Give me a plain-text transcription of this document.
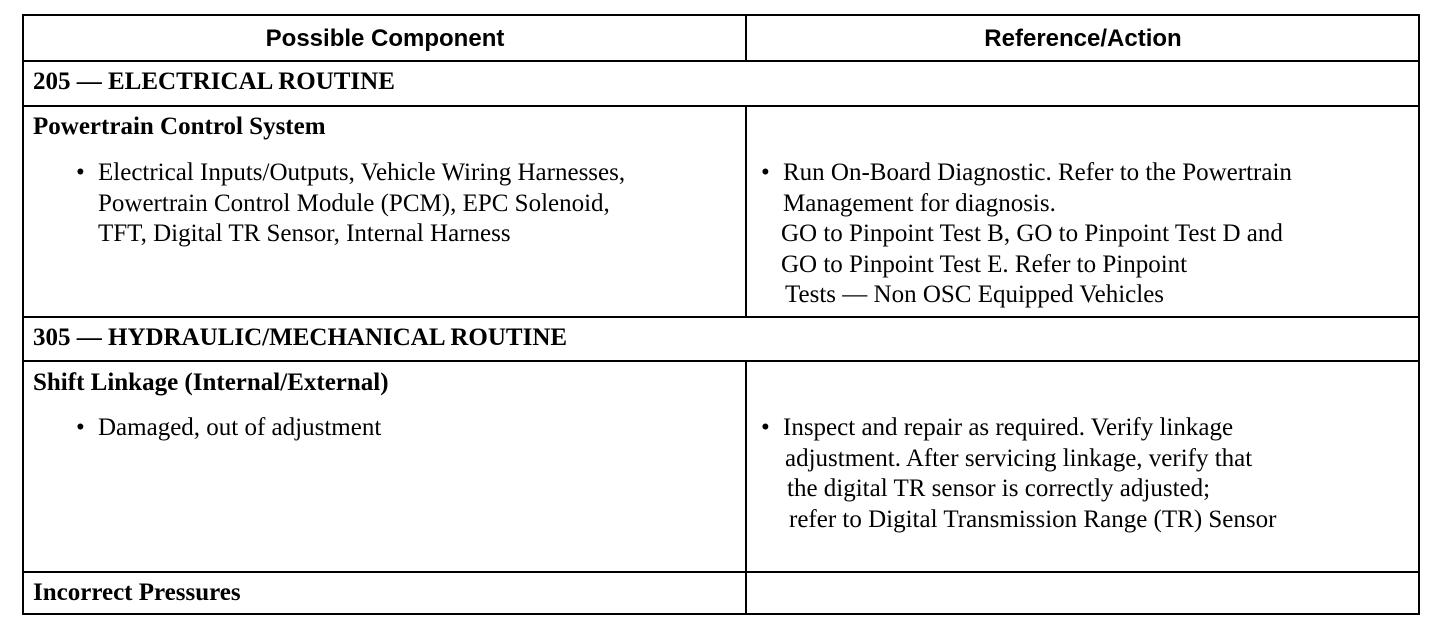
Possible Component	Reference/Action
205 — ELECTRICAL ROUTINE
Powertrain Control System
• Electrical Inputs/Outputs, Vehicle Wiring Harnesses,
Powertrain Control Module (PCM), EPC Solenoid,
TFT, Digital TR Sensor, Internal Harness
• Run On-Board Diagnostic. Refer to the Powertrain
Management for diagnosis.
GO to Pinpoint Test B, GO to Pinpoint Test D and
GO to Pinpoint Test E. Refer to Pinpoint
Tests — Non OSC Equipped Vehicles
305 — HYDRAULIC/MECHANICAL ROUTINE
Shift Linkage (Internal/External)
• Damaged, out of adjustment	• Inspect and repair as required. Verify linkage
adjustment. After servicing linkage, verify that
the digital TR sensor is correctly adjusted;
refer to Digital Transmission Range (TR) Sensor
Incorrect Pressures
